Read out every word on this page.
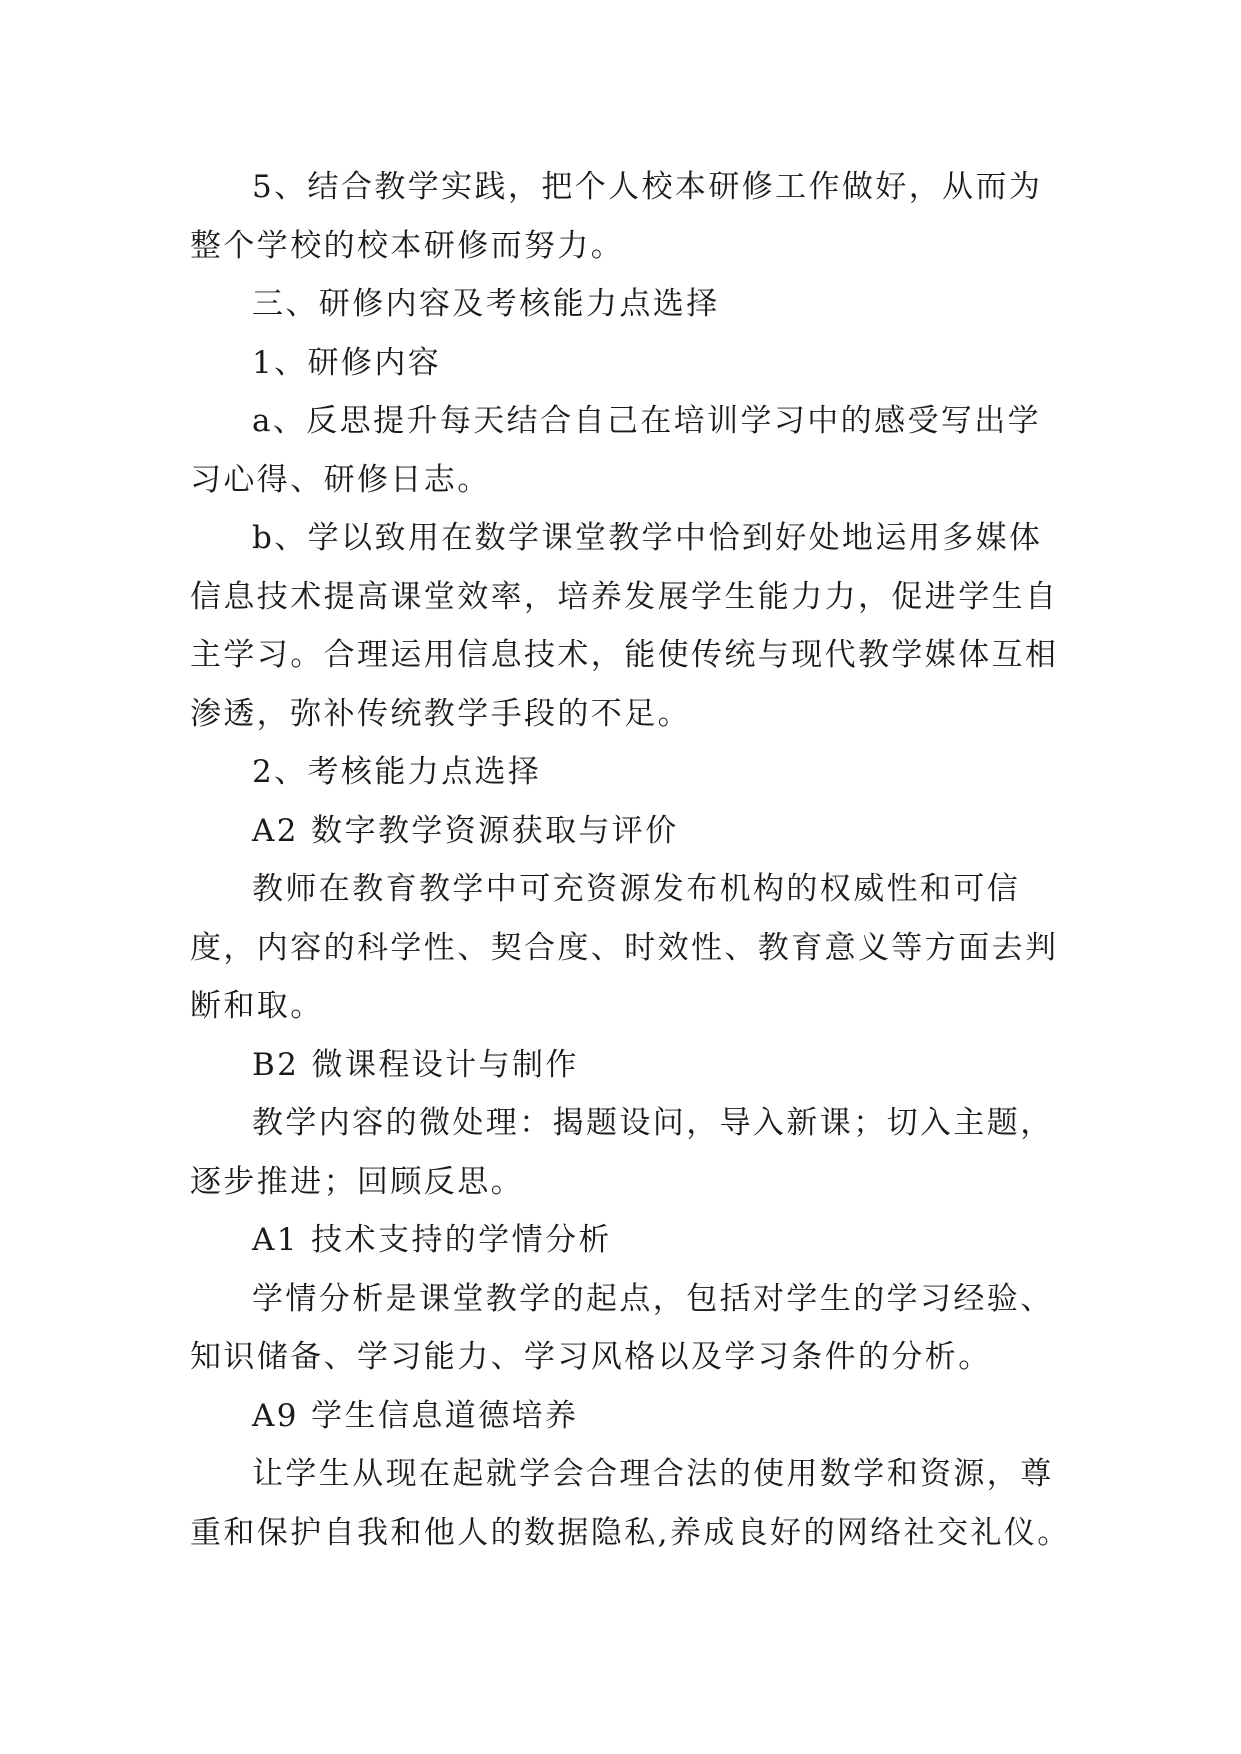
5、结合教学实践，把个人校本研修工作做好，从而为
整个学校的校本研修而努力。
三、研修内容及考核能力点选择
1、研修内容
a、反思提升每天结合自己在培训学习中的感受写出学
习心得、研修日志。
b、学以致用在数学课堂教学中恰到好处地运用多媒体
信息技术提高课堂效率，培养发展学生能力力，促进学生自
主学习。合理运用信息技术，能使传统与现代教学媒体互相
渗透，弥补传统教学手段的不足。
2、考核能力点选择
A2 数字教学资源获取与评价
教师在教育教学中可充资源发布机构的权威性和可信
度，内容的科学性、契合度、时效性、教育意义等方面去判
断和取。
B2 微课程设计与制作
教学内容的微处理：揭题设问，导入新课；切入主题，
逐步推进；回顾反思。
A1 技术支持的学情分析
学情分析是课堂教学的起点，包括对学生的学习经验、
知识储备、学习能力、学习风格以及学习条件的分析。
A9 学生信息道德培养
让学生从现在起就学会合理合法的使用数学和资源，尊
重和保护自我和他人的数据隐私,养成良好的网络社交礼仪。
